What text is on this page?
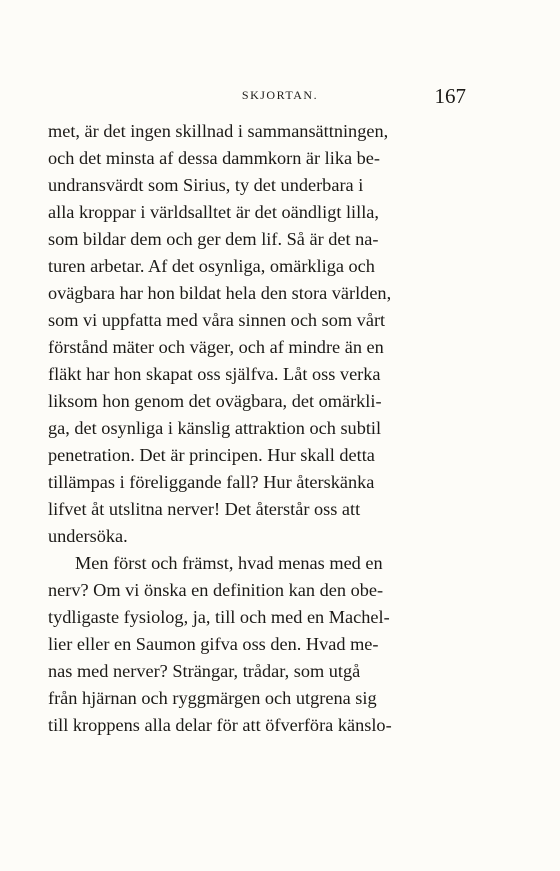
SKJORTAN.	167
met, är det ingen skillnad i sammansättningen,
och det minsta af dessa dammkorn är lika be-
undransvärdt som Sirius, ty det underbara i
alla kroppar i världsalltet är det oändligt lilla,
som bildar dem och ger dem lif. Så är det na-
turen arbetar. Af det osynliga, omärkliga och
ovägbara har hon bildat hela den stora världen,
som vi uppfatta med våra sinnen och som vårt
förstånd mäter och väger, och af mindre än en
fläkt har hon skapat oss själfva. Låt oss verka
liksom hon genom det ovägbara, det omärkli-
ga, det osynliga i känslig attraktion och subtil
penetration. Det är principen. Hur skall detta
tillämpas i föreliggande fall? Hur återskänka
lifvet åt utslitna nerver! Det återstår oss att
undersöka.
Men först och främst, hvad menas med en
nerv? Om vi önska en definition kan den obe-
tydligaste fysiolog, ja, till och med en Machel-
lier eller en Saumon gifva oss den. Hvad me-
nas med nerver? Strängar, trådar, som utgå
från hjärnan och ryggmärgen och utgrena sig
till kroppens alla delar för att öfverföra känslo-
